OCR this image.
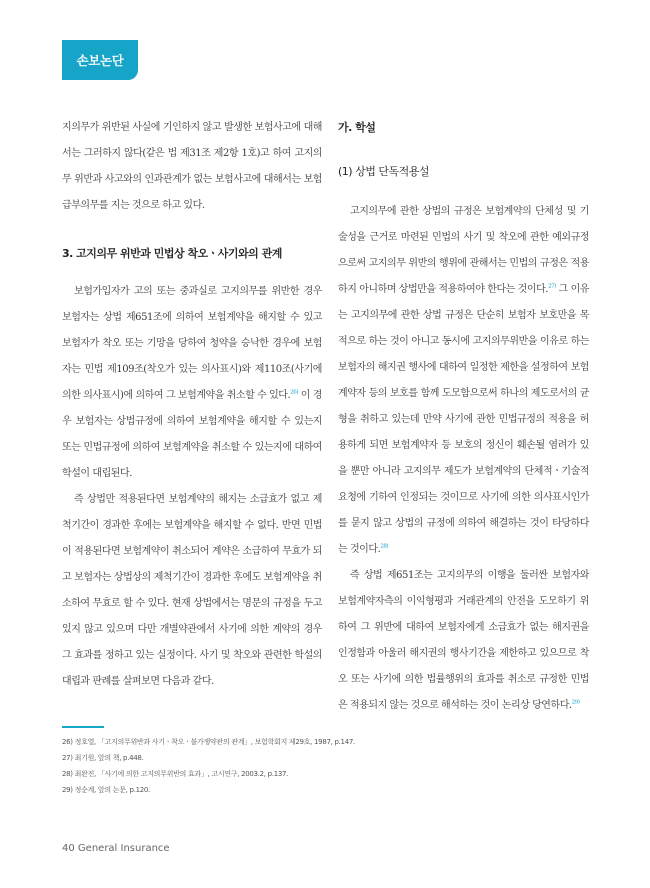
손보논단

지의무가 위반된 사실에 기인하지 않고 발생한 보험사고에 대해서는 그러하지 않다(같은 법 제31조 제2항 1호)고 하여 고지의무 위반과 사고와의 인과관계가 없는 보험사고에 대해서는 보험급부의무를 지는 것으로 하고 있다.

3. 고지의무 위반과 민법상 착오ㆍ사기와의 관계

보험가입자가 고의 또는 중과실로 고지의무를 위반한 경우 보험자는 상법 제651조에 의하여 보험계약을 해지할 수 있고 보험자가 착오 또는 기망을 당하여 청약을 승낙한 경우에 보험자는 민법 제109조(착오가 있는 의사표시)와 제110조(사기에 의한 의사표시)에 의하여 그 보험계약을 취소할 수 있다.$^{26)}$ 이 경우 보험자는 상법규정에 의하여 보험계약을 해지할 수 있는지 또는 민법규정에 의하여 보험계약을 취소할 수 있는지에 대하여 학설이 대립된다.

즉 상법만 적용된다면 보험계약의 해지는 소급효가 없고 제척기간이 경과한 후에는 보험계약을 해지할 수 없다. 반면 민법이 적용된다면 보험계약이 취소되어 계약은 소급하여 무효가 되고 보험자는 상법상의 제척기간이 경과한 후에도 보험계약을 취소하여 무효로 할 수 있다. 현재 상법에서는 명문의 규정을 두고 있지 않고 있으며 다만 개별약관에서 사기에 의한 계약의 경우 그 효과를 정하고 있는 실정이다. 사기 및 착오와 관련한 학설의 대립과 판례를 살펴보면 다음과 같다.

가. 학설

(1) 상법 단독적용설

고지의무에 관한 상법의 규정은 보험계약의 단체성 및 기술성을 근거로 마련된 민법의 사기 및 착오에 관한 예외규정으로써 고지의무 위반의 행위에 관해서는 민법의 규정은 적용하지 아니하며 상법만을 적용하여야 한다는 것이다.$^{27)}$ 그 이유는 고지의무에 관한 상법 규정은 단순히 보험자 보호만을 목적으로 하는 것이 아니고 동시에 고지의무위반을 이유로 하는 보험자의 해지권 행사에 대하여 일정한 제한을 설정하여 보험계약자 등의 보호를 함께 도모함으로써 하나의 제도로서의 균형을 취하고 있는데 만약 사기에 관한 민법규정의 적용을 허용하게 되면 보험계약자 등 보호의 정신이 훼손될 염려가 있을 뿐만 아니라 고지의무 제도가 보험계약의 단체적ㆍ기술적 요청에 기하여 인정되는 것이므로 사기에 의한 의사표시인가를 묻지 않고 상법의 규정에 의하여 해결하는 것이 타당하다는 것이다.$^{28)}$

즉 상법 제651조는 고지의무의 이행을 둘러싼 보험자와 보험계약자측의 이익형평과 거래관계의 안전을 도모하기 위하여 그 위반에 대하여 보험자에게 소급효가 없는 해지권을 인정함과 아울러 해지권의 행사기간을 제한하고 있으므로 착오 또는 사기에 의한 법률행위의 효과를 취소로 규정한 민법은 적용되지 않는 것으로 해석하는 것이 논리상 당연하다.$^{29)}$

26) 정호열, 「고지의무위반과 사기ㆍ착오ㆍ불가쟁약관의 관계」, 보험학회지 제29호, 1987, p.147.
27) 최기원, 앞의 책, p.448.
28) 최완진, 「사기에 의한 고지의무위반의 효과」, 고시연구, 2003.2, p.137.
29) 정순계, 앞의 논문, p.120.
40 General Insurance
